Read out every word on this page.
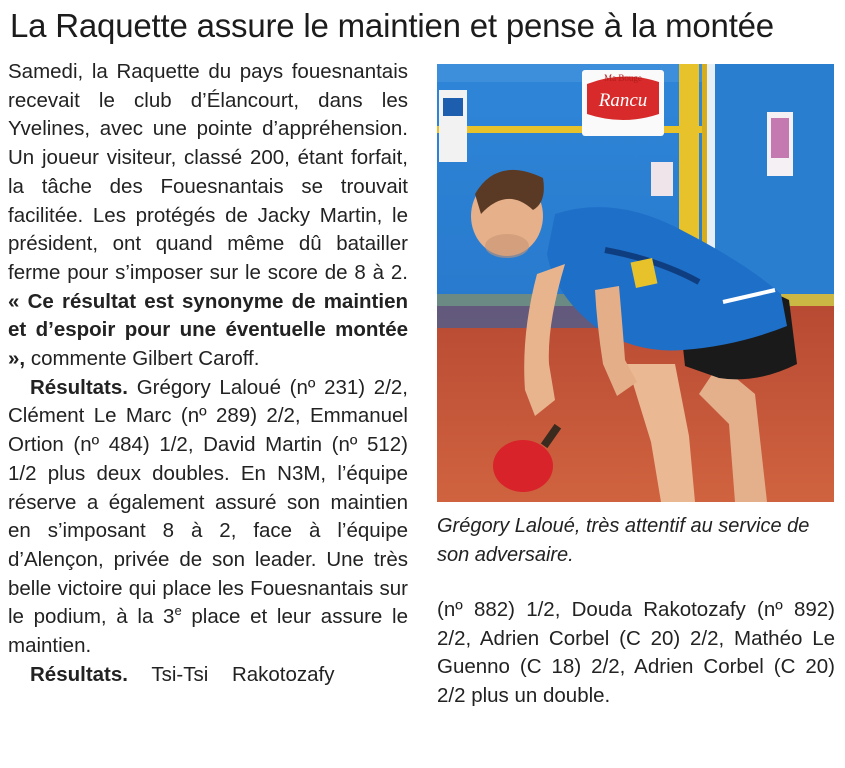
La Raquette assure le maintien et pense à la montée

Samedi, la Raquette du pays fouesnantais recevait le club d’Élancourt, dans les Yvelines, avec une pointe d’appréhension. Un joueur visiteur, classé 200, étant forfait, la tâche des Fouesnantais se trouvait facilitée. Les protégés de Jacky Martin, le président, ont quand même dû batailler ferme pour s’imposer sur le score de 8 à 2. « Ce résultat est synonyme de maintien et d’espoir pour une éventuelle montée », commente Gilbert Caroff.

Résultats. Grégory Laloué (nº 231) 2/2, Clément Le Marc (nº 289) 2/2, Emmanuel Ortion (nº 484) 1/2, David Martin (nº 512) 1/2 plus deux doubles. En N3M, l’équipe réserve a également assuré son maintien en s’imposant 8 à 2, face à l’équipe d’Alençon, privée de son leader. Une très belle victoire qui place les Fouesnantais sur le podium, à la 3e place et leur assure le maintien.

Résultats. Tsi-Tsi Rakotozafy

Ma Bouge
Rancu
Grégory Laloué, très attentif au service de son adversaire.

(nº 882) 1/2, Douda Rakotozafy (nº 892) 2/2, Adrien Corbel (C 20) 2/2, Mathéo Le Guenno (C 18) 2/2, Adrien Corbel (C 20) 2/2 plus un double.
